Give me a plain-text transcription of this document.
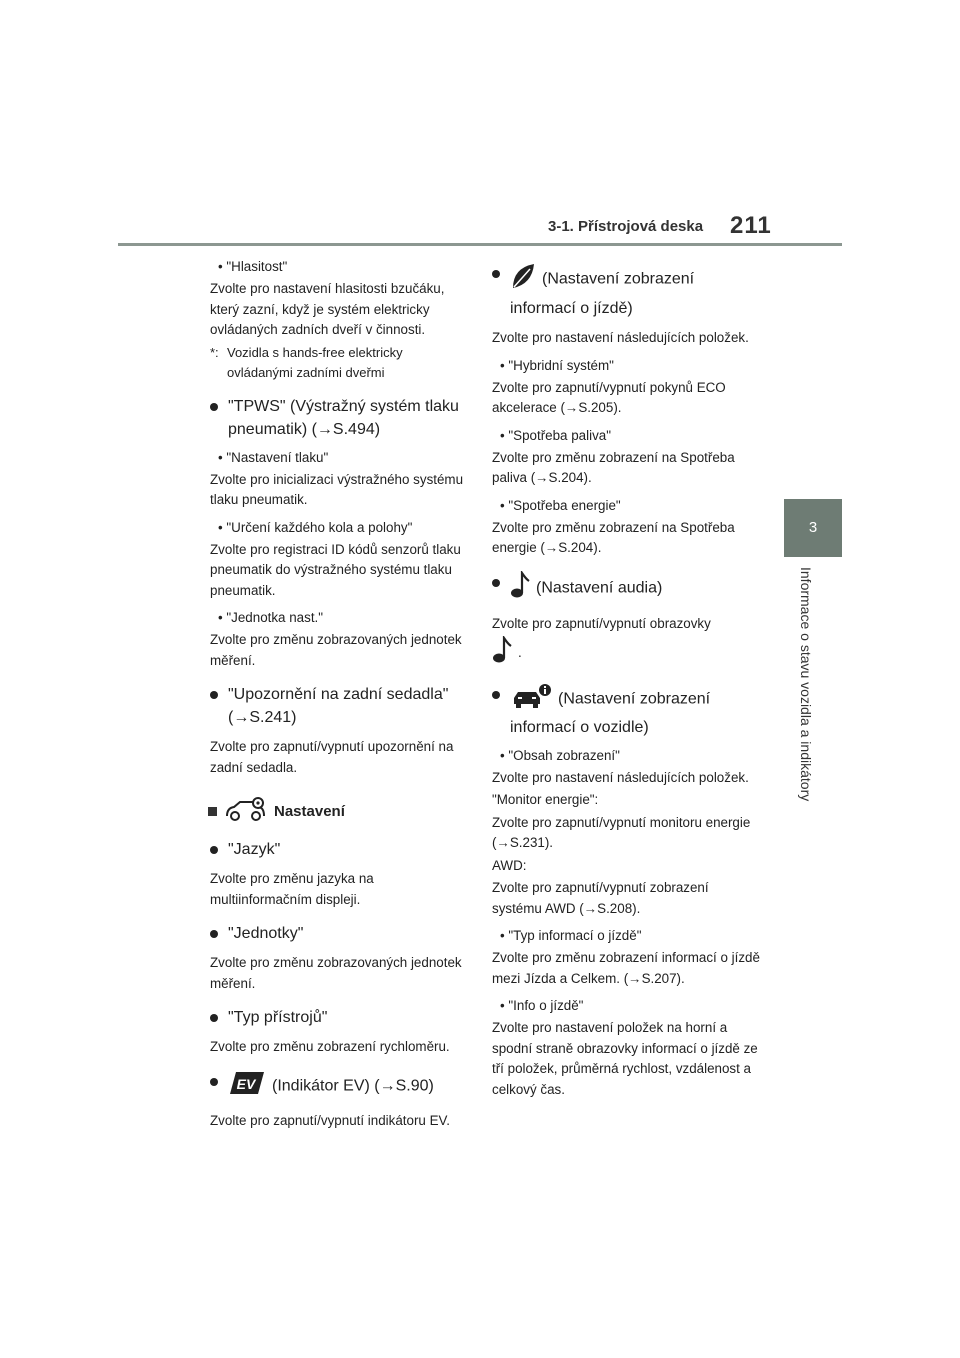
3-1. Přístrojová deska 211
3
Informace o stavu vozidla a indikátory
• "Hlasitost"
Zvolte pro nastavení hlasitosti bzučáku, který zazní, když je systém elektricky ovládaných zadních dveří v činnosti.
*: Vozidla s hands-free elektricky ovládanými zadními dveřmi
"TPWS" (Výstražný systém tlaku pneumatik) (→S.494)
• "Nastavení tlaku"
Zvolte pro inicializaci výstražného systému tlaku pneumatik.
• "Určení každého kola a polohy"
Zvolte pro registraci ID kódů senzorů tlaku pneumatik do výstražného systému tlaku pneumatik.
• "Jednotka nast."
Zvolte pro změnu zobrazovaných jednotek měření.
"Upozornění na zadní sedadla" (→S.241)
Zvolte pro zapnutí/vypnutí upozornění na zadní sedadla.
Nastavení
"Jazyk"
Zvolte pro změnu jazyka na multiinformačním displeji.
"Jednotky"
Zvolte pro změnu zobrazovaných jednotek měření.
"Typ přístrojů"
Zvolte pro změnu zobrazení rychloměru.
EV (Indikátor EV) (→S.90)
Zvolte pro zapnutí/vypnutí indikátoru EV.
(Nastavení zobrazení informací o jízdě)
Zvolte pro nastavení následujících položek.
• "Hybridní systém"
Zvolte pro zapnutí/vypnutí pokynů ECO akcelerace (→S.205).
• "Spotřeba paliva"
Zvolte pro změnu zobrazení na Spotřeba paliva (→S.204).
• "Spotřeba energie"
Zvolte pro změnu zobrazení na Spotřeba energie (→S.204).
(Nastavení audia)
Zvolte pro zapnutí/vypnutí obrazovky
.
(Nastavení zobrazení informací o vozidle)
• "Obsah zobrazení"
Zvolte pro nastavení následujících položek.
"Monitor energie":
Zvolte pro zapnutí/vypnutí monitoru energie (→S.231).
AWD:
Zvolte pro zapnutí/vypnutí zobrazení systému AWD (→S.208).
• "Typ informací o jízdě"
Zvolte pro změnu zobrazení informací o jízdě mezi Jízda a Celkem. (→S.207).
• "Info o jízdě"
Zvolte pro nastavení položek na horní a spodní straně obrazovky informací o jízdě ze tří položek, průměrná rychlost, vzdálenost a celkový čas.
